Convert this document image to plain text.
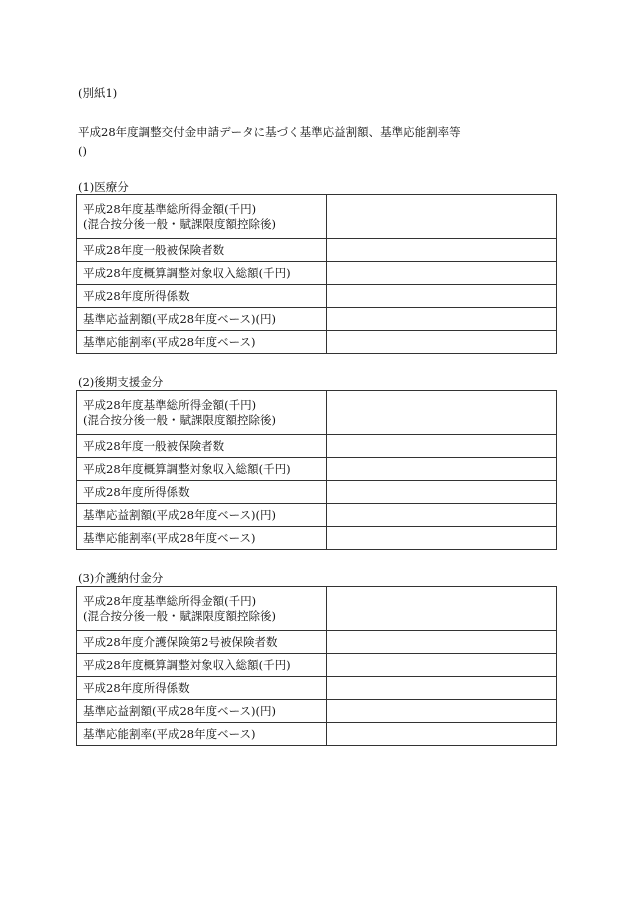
(別紙1)
平成28年度調整交付金申請データに基づく基準応益割額、基準応能割率等
()
(1)医療分
平成28年度基準総所得金額(千円)
(混合按分後一般・賦課限度額控除後)	

平成28年度一般被保険者数	
平成28年度概算調整対象収入総額(千円)	
平成28年度所得係数	
基準応益割額(平成28年度ベース)(円)	
基準応能割率(平成28年度ベース)	
(2)後期支援金分
平成28年度基準総所得金額(千円)
(混合按分後一般・賦課限度額控除後)	

平成28年度一般被保険者数	
平成28年度概算調整対象収入総額(千円)	
平成28年度所得係数	
基準応益割額(平成28年度ベース)(円)	
基準応能割率(平成28年度ベース)	
(3)介護納付金分
平成28年度基準総所得金額(千円)
(混合按分後一般・賦課限度額控除後)	

平成28年度介護保険第2号被保険者数	
平成28年度概算調整対象収入総額(千円)	
平成28年度所得係数	
基準応益割額(平成28年度ベース)(円)	
基準応能割率(平成28年度ベース)	
